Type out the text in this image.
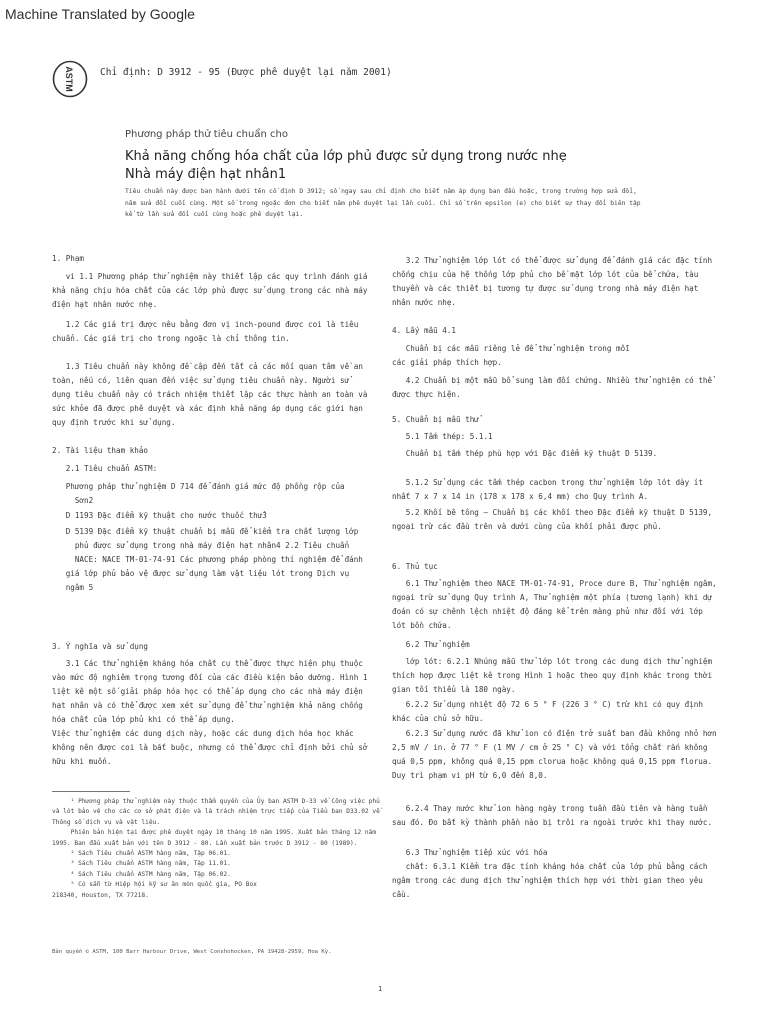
Machine Translated by Google
ASTM	Chỉ định: D 3912 - 95 (Được phê duyệt lại năm 2001)
Phương pháp thử tiêu chuẩn cho
Khả năng chống hóa chất của lớp phủ được sử dụng trong nước nhẹ
Nhà máy điện hạt nhân1
Tiêu chuẩn này được ban hành dưới tên cố định D 3912; số ngay sau chỉ định cho biết năm áp dụng ban đầu hoặc, trong trường hợp sửa đổi, năm sửa đổi cuối cùng. Một số trong ngoặc đơn cho biết năm phê duyệt lại lần cuối. Chỉ số trên epsilon (e) cho biết sự thay đổi biên tập kể từ lần sửa đổi cuối cùng hoặc phê duyệt lại.

1. Phạm

vi 1.1 Phương pháp thử nghiệm này thiết lập các quy trình đánh giá khả năng chịu hóa chất của các lớp phủ được sử dụng trong các nhà máy điện hạt nhân nước nhẹ.

1.2 Các giá trị được nêu bằng đơn vị inch-pound được coi là tiêu chuẩn. Các giá trị cho trong ngoặc là chỉ thông tin.

1.3 Tiêu chuẩn này không đề cập đến tất cả các mối quan tâm về an toàn, nếu có, liên quan đến việc sử dụng tiêu chuẩn này. Người sử dụng tiêu chuẩn này có trách nhiệm thiết lập các thực hành an toàn và sức khỏe đã được phê duyệt và xác định khả năng áp dụng các giới hạn quy định trước khi sử dụng.

2. Tài liệu tham khảo

2.1 Tiêu chuẩn ASTM:

Phương pháp thử nghiệm D 714 để đánh giá mức độ phồng rộp của
Sơn2

D 1193 Đặc điểm kỹ thuật cho nước thuốc thử3

D 5139 Đặc điểm kỹ thuật chuẩn bị mẫu để kiểm tra chất lượng lớp
phủ được sử dụng trong nhà máy điện hạt nhân4 2.2 Tiêu chuẩn
NACE: NACE TM-01-74-91 Các phương pháp phòng thí nghiệm để đánh
giá lớp phủ bảo vệ được sử dụng làm vật liệu lót trong Dịch vụ
ngâm 5

3. Ý nghĩa và sử dụng

3.1 Các thử nghiệm kháng hóa chất cụ thể được thực hiện phụ thuộc vào mức độ nghiêm trọng tương đối của các điều kiện bảo dưỡng. Hình 1 liệt kê một số giải pháp hóa học có thể áp dụng cho các nhà máy điện hạt nhân và có thể được xem xét sử dụng để thử nghiệm khả năng chống hóa chất của lớp phủ khi có thể áp dụng.
Việc thử nghiệm các dung dịch này, hoặc các dung dịch hóa học khác không nên được coi là bắt buộc, nhưng có thể được chỉ định bởi chủ sở hữu khi muốn.

3.2 Thử nghiệm lớp lót có thể được sử dụng để đánh giá các đặc tính chống chịu của hệ thống lớp phủ cho bề mặt lớp lót của bể chứa, tàu thuyền và các thiết bị tương tự được sử dụng trong nhà máy điện hạt nhân nước nhẹ.

4. Lấy mẫu 4.1

Chuẩn bị các mẫu riêng lẻ để thử nghiệm trong mỗi
các giải pháp thích hợp.

4.2 Chuẩn bị một mẫu bổ sung làm đối chứng. Nhiều thử nghiệm có thể được thực hiện.

5. Chuẩn bị mẫu thử

5.1 Tấm thép: 5.1.1

Chuẩn bị tấm thép phù hợp với Đặc điểm kỹ thuật D 5139.

5.1.2 Sử dụng các tấm thép cacbon trong thử nghiệm lớp lót dày ít nhất 7 x 7 x 14 in (178 x 178 x 6,4 mm) cho Quy trình A.

5.2 Khối bê tông — Chuẩn bị các khối theo Đặc điểm kỹ thuật D 5139, ngoại trừ các đầu trên và dưới cùng của khối phải được phủ.

6. Thủ tục

6.1 Thử nghiệm theo NACE TM-01-74-91, Proce dure B, Thử nghiệm ngâm, ngoại trừ sử dụng Quy trình A, Thử nghiệm một phía (tương lạnh) khi dự đoán có sự chênh lệch nhiệt độ đáng kể trên màng phủ như đối với lớp lót bồn chứa.

6.2 Thử nghiệm

lớp lót: 6.2.1 Nhúng mẫu thử lớp lót trong các dung dịch thử nghiệm thích hợp được liệt kê trong Hình 1 hoặc theo quy định khác trong thời gian tối thiểu là 180 ngày.

6.2.2 Sử dụng nhiệt độ 72 6 5 ° F (226 3 ° C) trừ khi có quy định khác của chủ sở hữu.

6.2.3 Sử dụng nước đã khử ion có điện trở suất ban đầu không nhỏ hơn 2,5 mV / in. ở 77 ° F (1 MV / cm ở 25 ° C) và với tổng chất rắn không quá 0,5 ppm, không quá 0,15 ppm clorua hoặc không quá 0,15 ppm florua. Duy trì phạm vi pH từ 6,0 đến 8,0.

6.2.4 Thay nước khử ion hàng ngày trong tuần đầu tiên và hàng tuần sau đó. Đo bất kỳ thành phần nào bị trôi ra ngoài trước khi thay nước.

6.3 Thử nghiệm tiếp xúc với hóa
chất: 6.3.1 Kiểm tra đặc tính kháng hóa chất của lớp phủ bằng cách ngâm trong các dung dịch thử nghiệm thích hợp với thời gian theo yêu cầu.

¹ Phương pháp thử nghiệm này thuộc thẩm quyền của Ủy ban ASTM D-33 về Công việc phủ và lót bảo vệ cho các cơ sở phát điện và là trách nhiệm trực tiếp của Tiểu ban D33.02 về Thông số dịch vụ và vật liệu.

Phiên bản hiện tại được phê duyệt ngày 10 tháng 10 năm 1995. Xuất bản tháng 12 năm 1995. Ban đầu xuất bản với tên D 3912 - 80. Lần xuất bản trước D 3912 - 80 (1989).

² Sách Tiêu chuẩn ASTM hàng năm, Tập 06.01.

³ Sách Tiêu chuẩn ASTM hàng năm, Tập 11.01.

⁴ Sách Tiêu chuẩn ASTM hàng năm, Tập 06.02.

⁵ Có sẵn từ Hiệp hội kỹ sư ăn mòn quốc gia, PO Box
218340, Houston, TX 77218.

Bản quyền © ASTM, 100 Barr Harbour Drive, West Conshohocken, PA 19428-2959, Hoa Kỳ.
1
